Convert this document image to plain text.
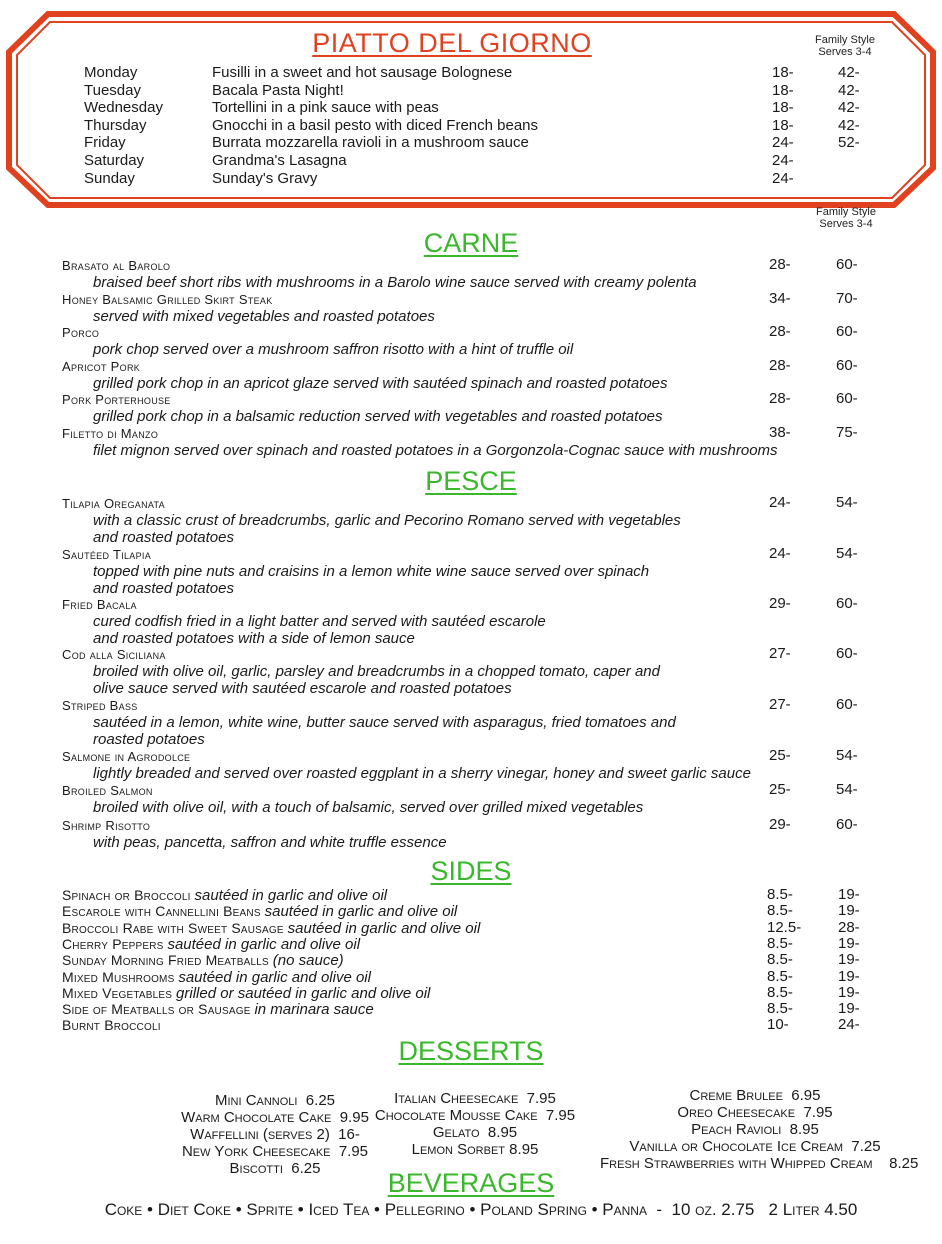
PIATTO DEL GIORNO	Family Style
Serves 3-4
Monday	Fusilli in a sweet and hot sausage Bolognese	18-	42-
Tuesday	Bacala Pasta Night!	18-	42-
Wednesday	Tortellini in a pink sauce with peas	18-	42-
Thursday	Gnocchi in a basil pesto with diced French beans	18-	42-
Friday	Burrata mozzarella ravioli in a mushroom sauce	24-	52-
Saturday	Grandma's Lasagna	24-
Sunday	Sunday's Gravy	24-
Family Style
Serves 3-4
CARNE
Brasato al Barolo
braised beef short ribs with mushrooms in a Barolo wine sauce served with creamy polenta
28-	60-
Honey Balsamic Grilled Skirt Steak
served with mixed vegetables and roasted potatoes
34-	70-
Porco
pork chop served over a mushroom saffron risotto with a hint of truffle oil
28-	60-
Apricot Pork
grilled pork chop in an apricot glaze served with sautéed spinach and roasted potatoes
28-	60-
Pork Porterhouse
grilled pork chop in a balsamic reduction served with vegetables and roasted potatoes
28-	60-
Filetto di Manzo
filet mignon served over spinach and roasted potatoes in a Gorgonzola-Cognac sauce with mushrooms
38-	75-
PESCE
Tilapia Oreganata
with a classic crust of breadcrumbs, garlic and Pecorino Romano served with vegetables
and roasted potatoes
24-	54-
Sautéed Tilapia
topped with pine nuts and craisins in a lemon white wine sauce served over spinach
and roasted potatoes
24-	54-
Fried Bacala
cured codfish fried in a light batter and served with sautéed escarole
and roasted potatoes with a side of lemon sauce
29-	60-
Cod alla Siciliana
broiled with olive oil, garlic, parsley and breadcrumbs in a chopped tomato, caper and
olive sauce served with sautéed escarole and roasted potatoes
27-	60-
Striped Bass
sautéed in a lemon, white wine, butter sauce served with asparagus, fried tomatoes and
roasted potatoes
27-	60-
Salmone in Agrodolce
lightly breaded and served over roasted eggplant in a sherry vinegar, honey and sweet garlic sauce
25-	54-
Broiled Salmon
broiled with olive oil, with a touch of balsamic, served over grilled mixed vegetables
25-	54-
Shrimp Risotto
with peas, pancetta, saffron and white truffle essence
29-	60-
SIDES
Spinach or Broccoli sautéed in garlic and olive oil	8.5-	19-
Escarole with Cannellini Beans sautéed in garlic and olive oil	8.5-	19-
Broccoli Rabe with Sweet Sausage sautéed in garlic and olive oil	12.5- 28-
Cherry Peppers sautéed in garlic and olive oil	8.5-	19-
Sunday Morning Fried Meatballs (no sauce)	8.5-	19-
Mixed Mushrooms sautéed in garlic and olive oil	8.5-	19-
Mixed Vegetables grilled or sautéed in garlic and olive oil	8.5-	19-
Side of Meatballs or Sausage in marinara sauce	8.5-	19-
Burnt Broccoli	10-	24-
DESSERTS
Mini Cannoli  6.25
Warm Chocolate Cake  9.95
Waffellini (serves 2)  16-
New York Cheesecake  7.95
Biscotti  6.25
Italian Cheesecake  7.95
Chocolate Mousse Cake  7.95
Gelato  8.95
Lemon Sorbet 8.95
Creme Brulee  6.95
Oreo Cheesecake  7.95
Peach Ravioli  8.95
Vanilla or Chocolate Ice Cream  7.25
Fresh Strawberries with Whipped Cream    8.25
BEVERAGES
Coke • Diet Coke • Sprite • Iced Tea • Pellegrino • Poland Spring • Panna  -  10 oz. 2.75   2 Liter 4.50
